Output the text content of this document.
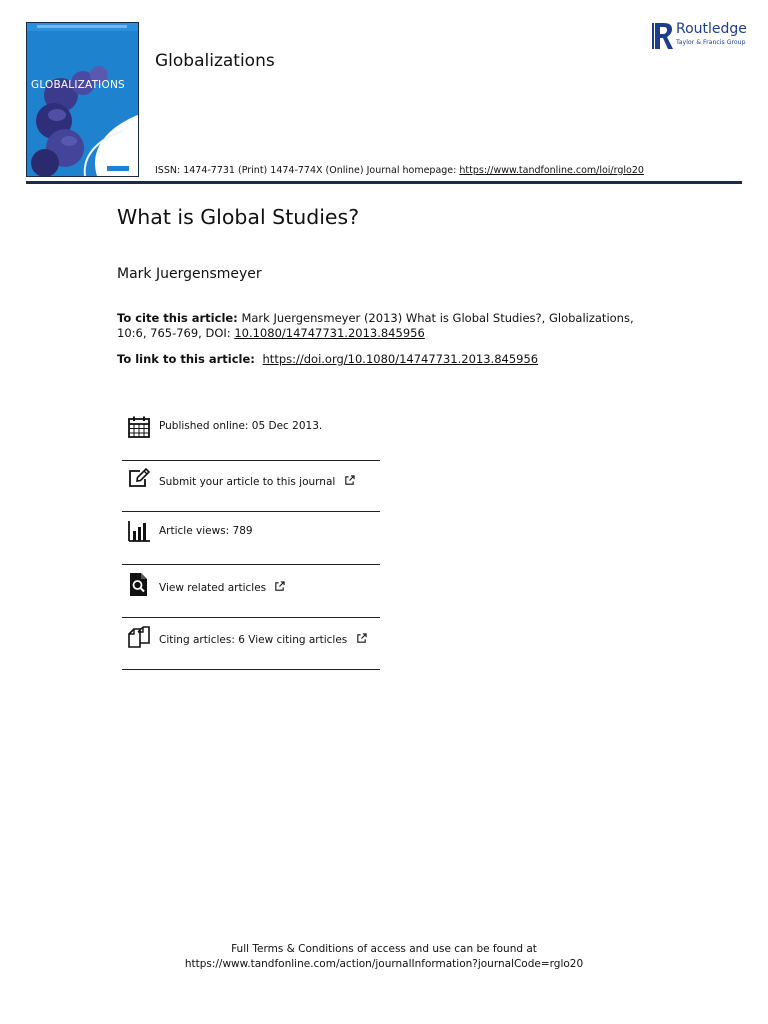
GLOBALIZATIONS
Globalizations
Routledge
Taylor & Francis Group
ISSN: 1474-7731 (Print) 1474-774X (Online) Journal homepage: https://www.tandfonline.com/loi/rglo20
What is Global Studies?
Mark Juergensmeyer
To cite this article: Mark Juergensmeyer (2013) What is Global Studies?, Globalizations, 10:6, 765-769, DOI: 10.1080/14747731.2013.845956
To link to this article: https://doi.org/10.1080/14747731.2013.845956
Published online: 05 Dec 2013.
Submit your article to this journal
Article views: 789
View related articles
Citing articles: 6 View citing articles
Full Terms & Conditions of access and use can be found at
https://www.tandfonline.com/action/journalInformation?journalCode=rglo20
